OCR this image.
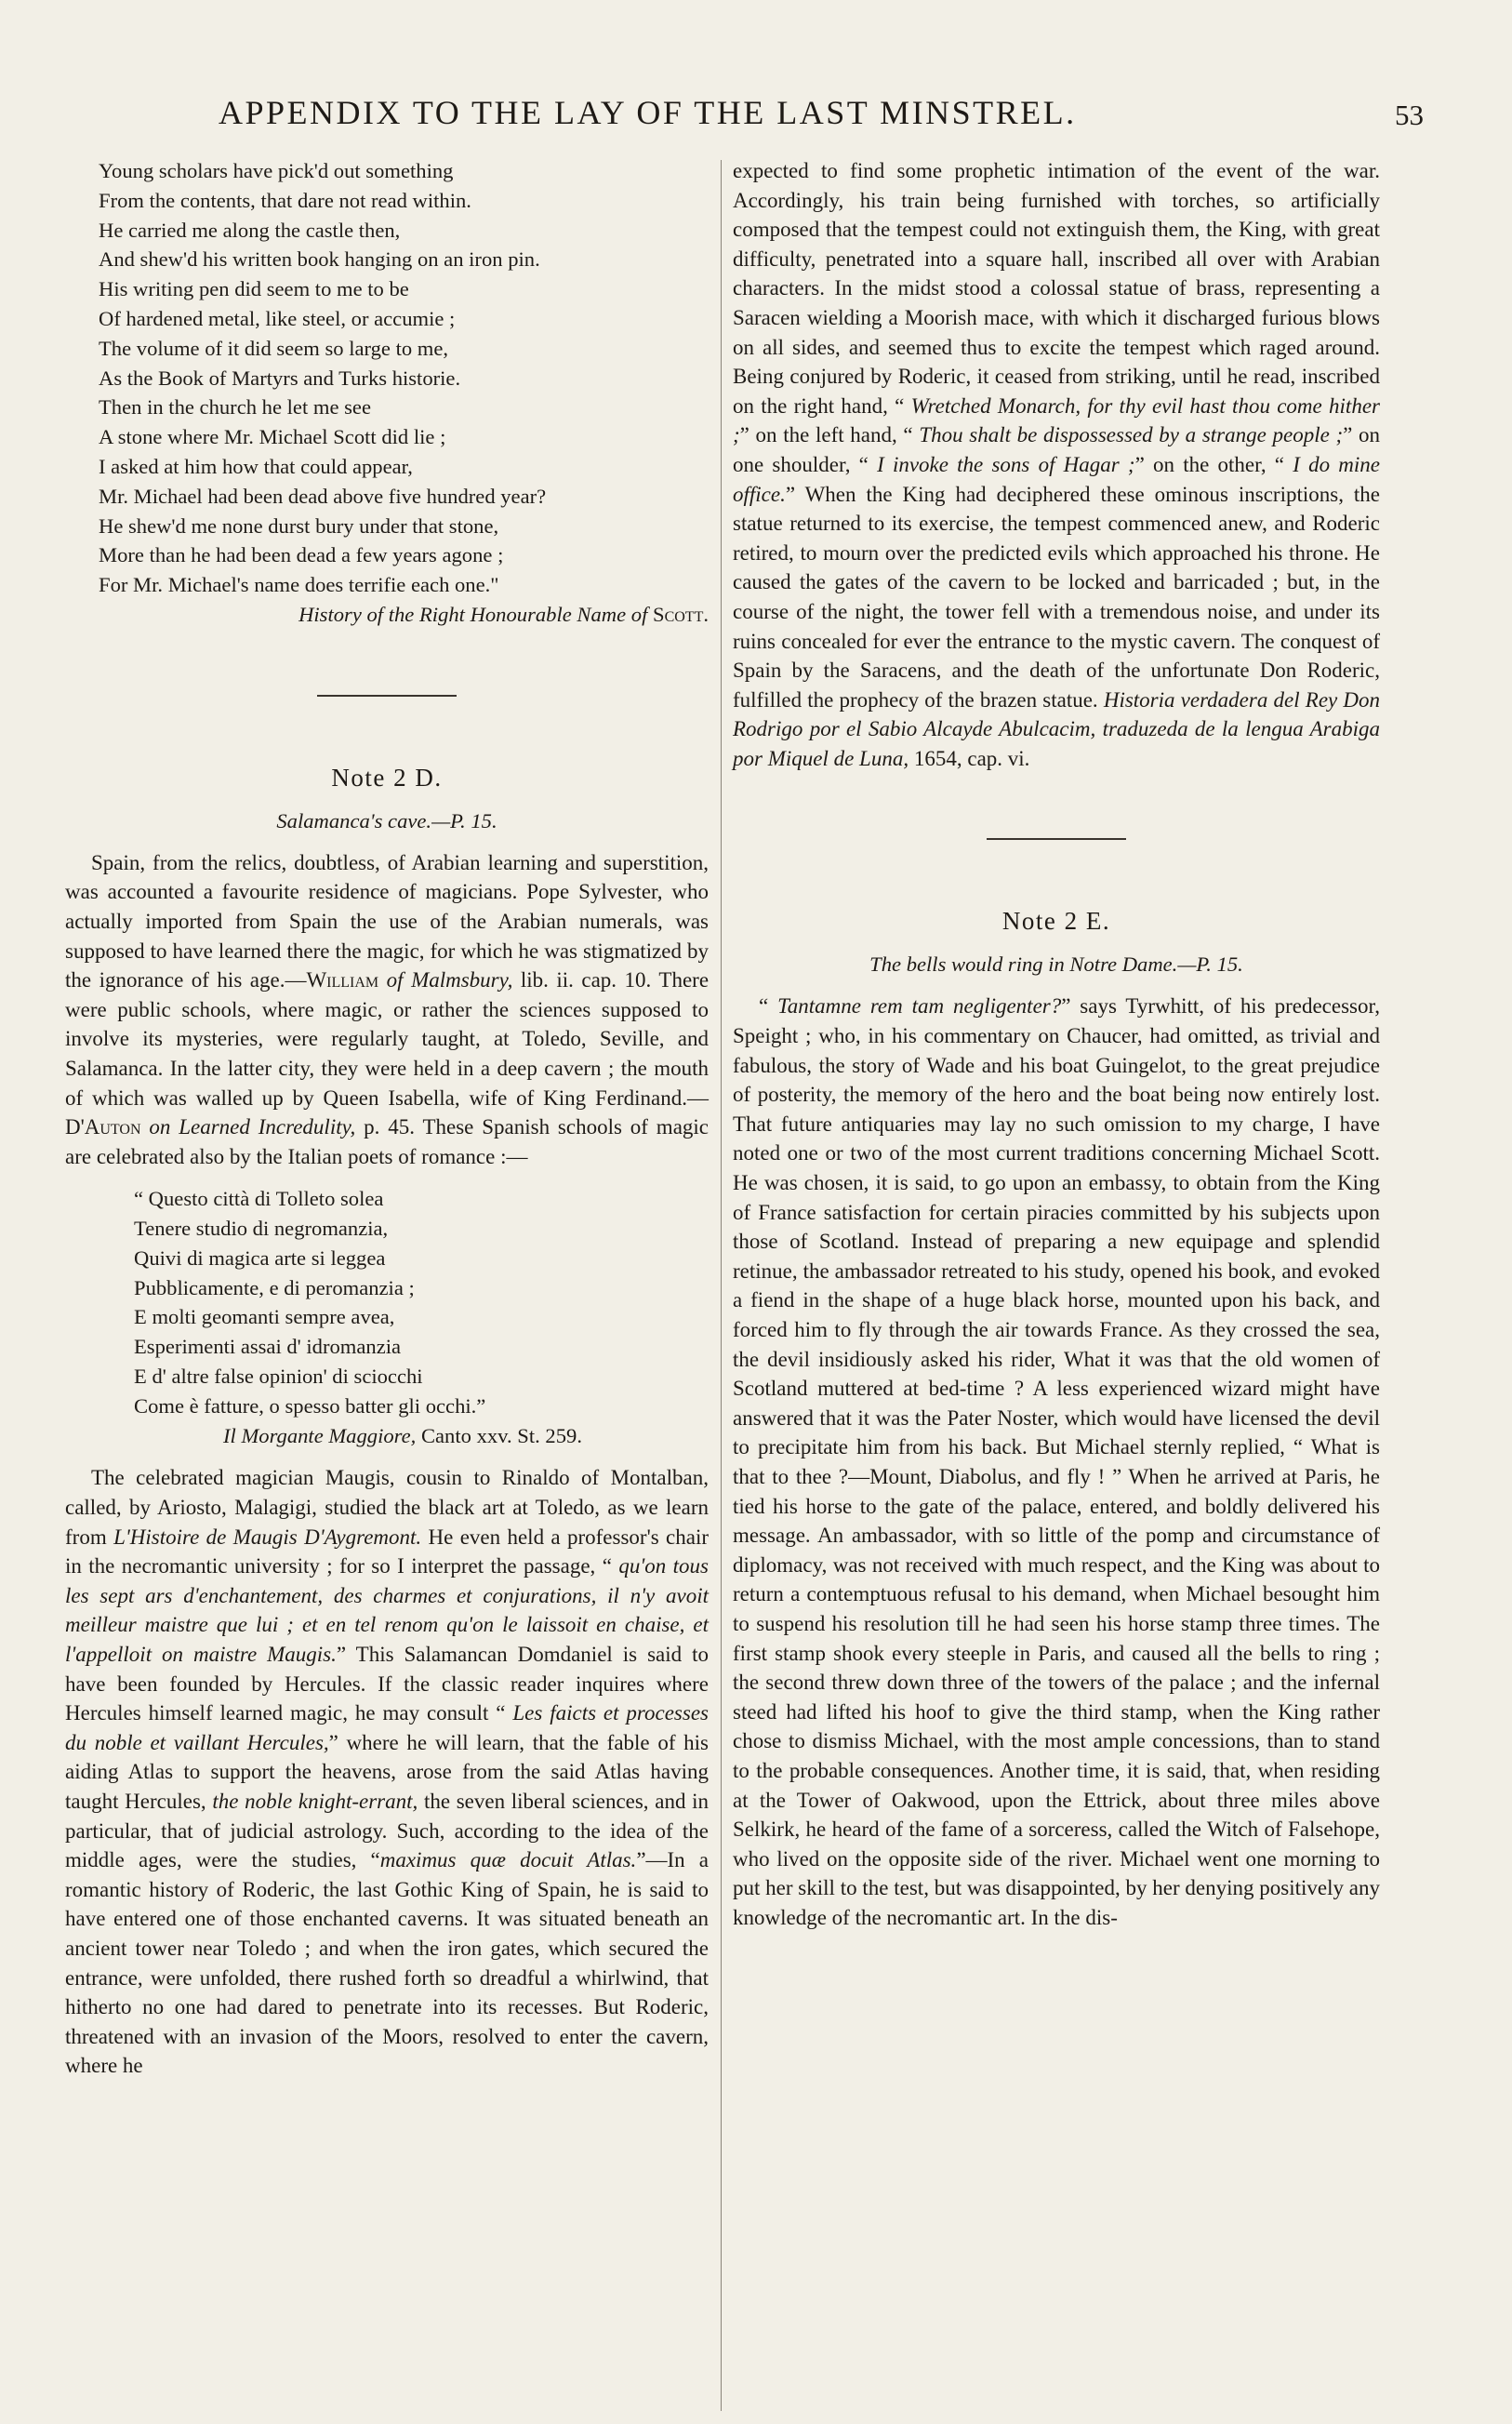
APPENDIX TO THE LAY OF THE LAST MINSTREL.	53
Young scholars have pick'd out something
From the contents, that dare not read within.
He carried me along the castle then,
And shew'd his written book hanging on an iron pin.
His writing pen did seem to me to be
Of hardened metal, like steel, or accumie ;
The volume of it did seem so large to me,
As the Book of Martyrs and Turks historie.
Then in the church he let me see
A stone where Mr. Michael Scott did lie ;
I asked at him how that could appear,
Mr. Michael had been dead above five hundred year?
He shew'd me none durst bury under that stone,
More than he had been dead a few years agone ;
For Mr. Michael's name does terrifie each one."
History of the Right Honourable Name of Scott.
Note 2 D.
Salamanca's cave.—P. 15.

Spain, from the relics, doubtless, of Arabian learning and superstition, was accounted a favourite residence of magicians. Pope Sylvester, who actually imported from Spain the use of the Arabian numerals, was supposed to have learned there the magic, for which he was stigmatized by the ignorance of his age.—William of Malmsbury, lib. ii. cap. 10. There were public schools, where magic, or rather the sciences supposed to involve its mysteries, were regularly taught, at Toledo, Seville, and Salamanca. In the latter city, they were held in a deep cavern ; the mouth of which was walled up by Queen Isabella, wife of King Ferdinand.—D'Auton on Learned Incredulity, p. 45. These Spanish schools of magic are celebrated also by the Italian poets of romance :—

“ Questo città di Tolleto solea
Tenere studio di negromanzia,
Quivi di magica arte si leggea
Pubblicamente, e di peromanzia ;
E molti geomanti sempre avea,
Esperimenti assai d' idromanzia
E d' altre false opinion' di sciocchi
Come è fatture, o spesso batter gli occhi.”
Il Morgante Maggiore, Canto xxv. St. 259.

The celebrated magician Maugis, cousin to Rinaldo of Montalban, called, by Ariosto, Malagigi, studied the black art at Toledo, as we learn from L'Histoire de Maugis D'Aygremont. He even held a professor's chair in the necromantic university ; for so I interpret the passage, “ qu'on tous les sept ars d'enchantement, des charmes et conjurations, il n'y avoit meilleur maistre que lui ; et en tel renom qu'on le laissoit en chaise, et l'appelloit on maistre Maugis.” This Salamancan Domdaniel is said to have been founded by Hercules. If the classic reader inquires where Hercules himself learned magic, he may consult “ Les faicts et processes du noble et vaillant Hercules,” where he will learn, that the fable of his aiding Atlas to support the heavens, arose from the said Atlas having taught Hercules, the noble knight-errant, the seven liberal sciences, and in particular, that of judicial astrology. Such, according to the idea of the middle ages, were the studies, “maximus quæ docuit Atlas.”—In a romantic history of Roderic, the last Gothic King of Spain, he is said to have entered one of those enchanted caverns. It was situated beneath an ancient tower near Toledo ; and when the iron gates, which secured the entrance, were unfolded, there rushed forth so dreadful a whirlwind, that hitherto no one had dared to penetrate into its recesses. But Roderic, threatened with an invasion of the Moors, resolved to enter the cavern, where he

expected to find some prophetic intimation of the event of the war. Accordingly, his train being furnished with torches, so artificially composed that the tempest could not extinguish them, the King, with great difficulty, penetrated into a square hall, inscribed all over with Arabian characters. In the midst stood a colossal statue of brass, representing a Saracen wielding a Moorish mace, with which it discharged furious blows on all sides, and seemed thus to excite the tempest which raged around. Being conjured by Roderic, it ceased from striking, until he read, inscribed on the right hand, “ Wretched Monarch, for thy evil hast thou come hither ;” on the left hand, “ Thou shalt be dispossessed by a strange people ;” on one shoulder, “ I invoke the sons of Hagar ;” on the other, “ I do mine office.” When the King had deciphered these ominous inscriptions, the statue returned to its exercise, the tempest commenced anew, and Roderic retired, to mourn over the predicted evils which approached his throne. He caused the gates of the cavern to be locked and barricaded ; but, in the course of the night, the tower fell with a tremendous noise, and under its ruins concealed for ever the entrance to the mystic cavern. The conquest of Spain by the Saracens, and the death of the unfortunate Don Roderic, fulfilled the prophecy of the brazen statue. Historia verdadera del Rey Don Rodrigo por el Sabio Alcayde Abulcacim, traduzeda de la lengua Arabiga por Miquel de Luna, 1654, cap. vi.

Note 2 E.
The bells would ring in Notre Dame.—P. 15.

“ Tantamne rem tam negligenter?” says Tyrwhitt, of his predecessor, Speight ; who, in his commentary on Chaucer, had omitted, as trivial and fabulous, the story of Wade and his boat Guingelot, to the great prejudice of posterity, the memory of the hero and the boat being now entirely lost. That future antiquaries may lay no such omission to my charge, I have noted one or two of the most current traditions concerning Michael Scott. He was chosen, it is said, to go upon an embassy, to obtain from the King of France satisfaction for certain piracies committed by his subjects upon those of Scotland. Instead of preparing a new equipage and splendid retinue, the ambassador retreated to his study, opened his book, and evoked a fiend in the shape of a huge black horse, mounted upon his back, and forced him to fly through the air towards France. As they crossed the sea, the devil insidiously asked his rider, What it was that the old women of Scotland muttered at bed-time ? A less experienced wizard might have answered that it was the Pater Noster, which would have licensed the devil to precipitate him from his back. But Michael sternly replied, “ What is that to thee ?—Mount, Diabolus, and fly ! ” When he arrived at Paris, he tied his horse to the gate of the palace, entered, and boldly delivered his message. An ambassador, with so little of the pomp and circumstance of diplomacy, was not received with much respect, and the King was about to return a contemptuous refusal to his demand, when Michael besought him to suspend his resolution till he had seen his horse stamp three times. The first stamp shook every steeple in Paris, and caused all the bells to ring ; the second threw down three of the towers of the palace ; and the infernal steed had lifted his hoof to give the third stamp, when the King rather chose to dismiss Michael, with the most ample concessions, than to stand to the probable consequences. Another time, it is said, that, when residing at the Tower of Oakwood, upon the Ettrick, about three miles above Selkirk, he heard of the fame of a sorceress, called the Witch of Falsehope, who lived on the opposite side of the river. Michael went one morning to put her skill to the test, but was disappointed, by her denying positively any knowledge of the necromantic art. In the dis-
